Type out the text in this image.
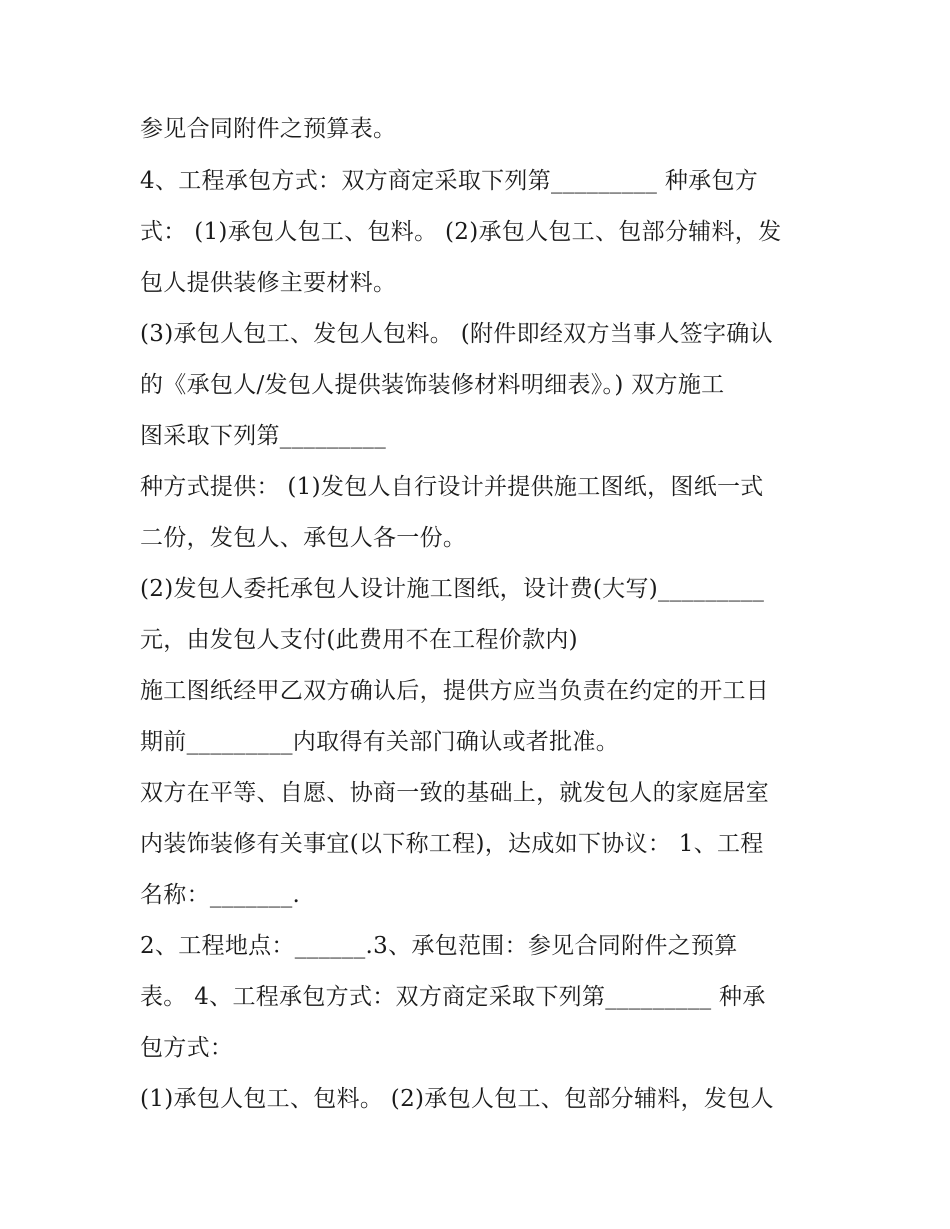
参见合同附件之预算表。

4、工程承包方式：双方商定采取下列第_________ 种承包方

式： (1)承包人包工、包料。 (2)承包人包工、包部分辅料，发

包人提供装修主要材料。

(3)承包人包工、发包人包料。 (附件即经双方当事人签字确认

的《承包人/发包人提供装饰装修材料明细表》。) 双方施工

图采取下列第_________

种方式提供： (1)发包人自行设计并提供施工图纸，图纸一式

二份，发包人、承包人各一份。

(2)发包人委托承包人设计施工图纸，设计费(大写)_________

元，由发包人支付(此费用不在工程价款内)

施工图纸经甲乙双方确认后，提供方应当负责在约定的开工日

期前_________内取得有关部门确认或者批准。

双方在平等、自愿、协商一致的基础上，就发包人的家庭居室

内装饰装修有关事宜(以下称工程)，达成如下协议： 1、工程

名称：_______.

2、工程地点：______.3、承包范围：参见合同附件之预算

表。 4、工程承包方式：双方商定采取下列第_________ 种承

包方式：

(1)承包人包工、包料。 (2)承包人包工、包部分辅料，发包人
